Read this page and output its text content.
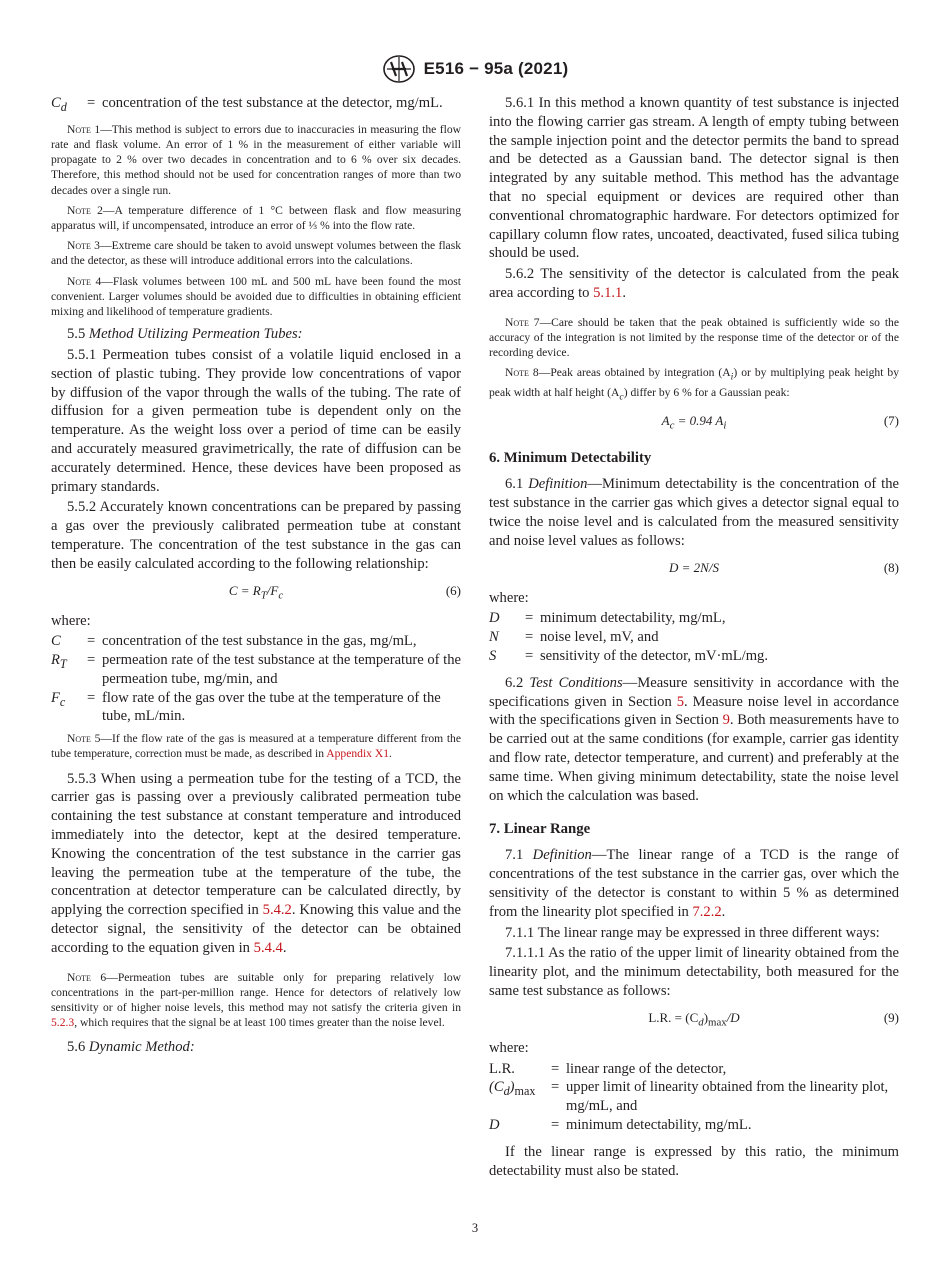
E516 − 95a (2021)
$C_d$	= concentration of the test substance at the detector, mg/mL.

Note 1—This method is subject to errors due to inaccuracies in measuring the flow rate and flask volume. An error of 1 % in the measurement of either variable will propagate to 2 % over two decades in concentration and to 6 % over six decades. Therefore, this method should not be used for concentration ranges of more than two decades over a single run.

Note 2—A temperature difference of 1 °C between flask and flow measuring apparatus will, if uncompensated, introduce an error of ⅓ % into the flow rate.

Note 3—Extreme care should be taken to avoid unswept volumes between the flask and the detector, as these will introduce additional errors into the calculations.

Note 4—Flask volumes between 100 mL and 500 mL have been found the most convenient. Larger volumes should be avoided due to difficulties in obtaining efficient mixing and likelihood of temperature gradients.

5.5 Method Utilizing Permeation Tubes:

5.5.1 Permeation tubes consist of a volatile liquid enclosed in a section of plastic tubing. They provide low concentrations of vapor by diffusion of the vapor through the walls of the tubing. The rate of diffusion for a given permeation tube is dependent only on the temperature. As the weight loss over a period of time can be easily and accurately measured gravimetrically, the rate of diffusion can be accurately determined. Hence, these devices have been proposed as primary standards.

5.5.2 Accurately known concentrations can be prepared by passing a gas over the previously calibrated permeation tube at constant temperature. The concentration of the test substance in the gas can then be easily calculated according to the following relationship:

$C = R_T/F_c$	(6)
where:
C	= concentration of the test substance in the gas, mg/mL,
$R_T$	= permeation rate of the test substance at the temperature of the permeation tube, mg/min, and
$F_c$	= flow rate of the gas over the tube at the temperature of the tube, mL/min.

Note 5—If the flow rate of the gas is measured at a temperature different from the tube temperature, correction must be made, as described in Appendix X1.

5.5.3 When using a permeation tube for the testing of a TCD, the carrier gas is passing over a previously calibrated permeation tube containing the test substance at constant temperature and introduced immediately into the detector, kept at the desired temperature. Knowing the concentration of the test substance in the carrier gas leaving the permeation tube at the temperature of the tube, the concentration at detector temperature can be calculated directly, by applying the correction specified in 5.4.2. Knowing this value and the detector signal, the sensitivity of the detector can be obtained according to the equation given in 5.4.4.

Note 6—Permeation tubes are suitable only for preparing relatively low concentrations in the part-per-million range. Hence for detectors of relatively low sensitivity or of higher noise levels, this method may not satisfy the criteria given in 5.2.3, which requires that the signal be at least 100 times greater than the noise level.

5.6 Dynamic Method:

5.6.1 In this method a known quantity of test substance is injected into the flowing carrier gas stream. A length of empty tubing between the sample injection point and the detector permits the band to spread and be detected as a Gaussian band. The detector signal is then integrated by any suitable method. This method has the advantage that no special equipment or devices are required other than conventional chromatographic hardware. For detectors optimized for capillary column flow rates, uncoated, deactivated, fused silica tubing should be used.

5.6.2 The sensitivity of the detector is calculated from the peak area according to 5.1.1.

Note 7—Care should be taken that the peak obtained is sufficiently wide so the accuracy of the integration is not limited by the response time of the detector or of the recording device.

Note 8—Peak areas obtained by integration $(A_i)$ or by multiplying peak height by peak width at half height $(A_c)$ differ by 6 % for a Gaussian peak:

$A_c = 0.94$ $A_i$	(7)
6. Minimum Detectability

6.1 Definition—Minimum detectability is the concentration of the test substance in the carrier gas which gives a detector signal equal to twice the noise level and is calculated from the measured sensitivity and noise level values as follows:

D = 2N/S	(8)
where:
D	= minimum detectability, mg/mL,
N	= noise level, mV, and
S	= sensitivity of the detector, mV·mL/mg.

6.2 Test Conditions—Measure sensitivity in accordance with the specifications given in Section 5. Measure noise level in accordance with the specifications given in Section 9. Both measurements have to be carried out at the same conditions (for example, carrier gas identity and flow rate, detector temperature, and current) and preferably at the same time. When giving minimum detectability, state the noise level on which the calculation was based.

7. Linear Range

7.1 Definition—The linear range of a TCD is the range of concentrations of the test substance in the carrier gas, over which the sensitivity of the detector is constant to within 5 % as determined from the linearity plot specified in 7.2.2.

7.1.1 The linear range may be expressed in three different ways:

7.1.1.1 As the ratio of the upper limit of linearity obtained from the linearity plot, and the minimum detectability, both measured for the same test substance as follows:

L.R. = $(C_d)_{max}/D$	(9)
where:
L.R.	= linear range of the detector,
$(C_d)_{max}$	= upper limit of linearity obtained from the linearity plot, mg/mL, and
D	= minimum detectability, mg/mL.

If the linear range is expressed by this ratio, the minimum detectability must also be stated.

3
